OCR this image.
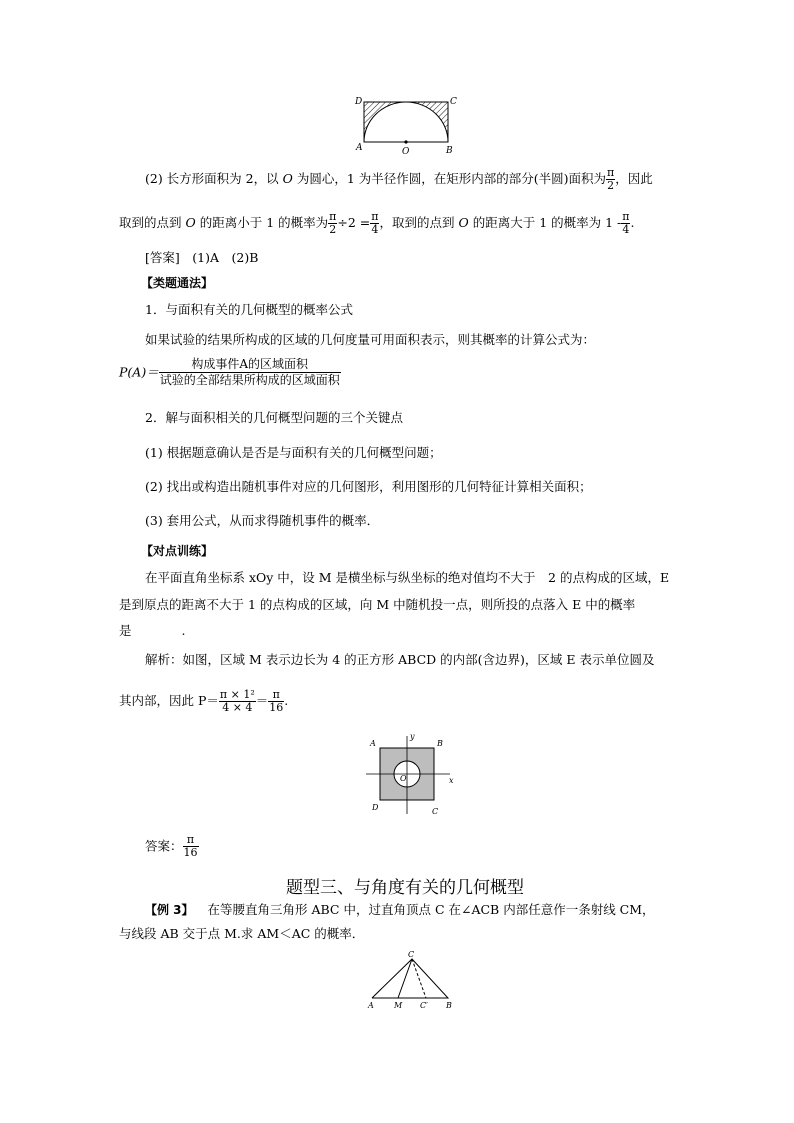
D	C
A	B
O
(2) 长方形面积为 2，以 O 为圆心，1 为半径作圆，在矩形内部的部分(半圆)面积为 $\frac{\pi}{2}$ ，因此
取到的点到 O 的距离小于 1 的概率为 $\frac{\pi}{2} \div 2 = \frac{\pi}{4}$ ，取到的点到 O 的距离大于 1 的概率为 $1 - \frac{\pi}{4}$ .
[答案]　(1)A　(2)B
【类题通法】
1．与面积有关的几何概型的概率公式
如果试验的结果所构成的区域的几何度量可用面积表示，则其概率的计算公式为：
$P(A)= \frac{\text{构成事件A的区域面积}}{\text{试验的全部结果所构成的区域面积}}$
2．解与面积相关的几何概型问题的三个关键点
(1) 根据题意确认是否是与面积有关的几何概型问题；
(2) 找出或构造出随机事件对应的几何图形，利用图形的几何特征计算相关面积；
(3) 套用公式，从而求得随机事件的概率．
【对点训练】
在平面直角坐标系 xOy 中，设 M 是横坐标与纵坐标的绝对值均不大于　2 的点构成的区域，E
是到原点的距离不大于 1 的点构成的区域，向 M 中随机投一点，则所投的点落入 E 中的概率
是　　　　.
解析：如图，区域 M 表示边长为 4 的正方形 ABCD 的内部(含边界)，区域 E 表示单位圆及
其内部，因此 $P= \frac{\text{π × 1²}}{4 \times 4} = \frac{\pi}{16}$ .
A	B
D	C
O	x
y
答案： $\frac{\pi}{16}$
题型三、与角度有关的几何概型
【例 3】 在等腰直角三角形 ABC 中，过直角顶点 C 在∠ACB 内部任意作一条射线 CM，
与线段 AB 交于点 M.求 AM＜AC 的概率．
C
A	M C′ B
